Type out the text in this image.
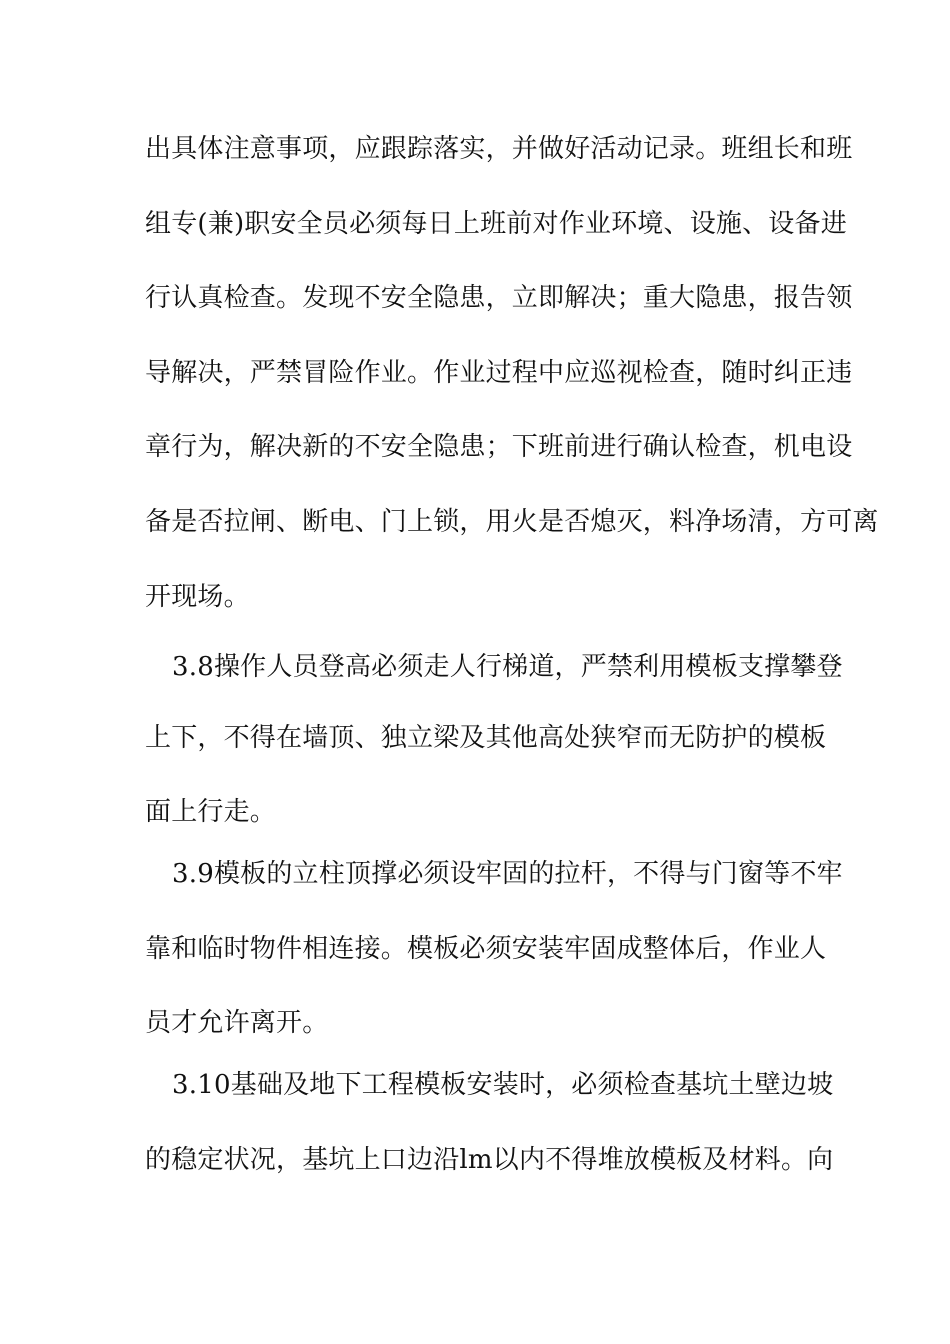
出具体注意事项，应跟踪落实，并做好活动记录。班组长和班
组专(兼)职安全员必须每日上班前对作业环境、设施、设备进
行认真检查。发现不安全隐患，立即解决；重大隐患，报告领
导解决，严禁冒险作业。作业过程中应巡视检查，随时纠正违
章行为，解决新的不安全隐患；下班前进行确认检查，机电设
备是否拉闸、断电、门上锁，用火是否熄灭，料净场清，方可离
开现场。
3.8操作人员登高必须走人行梯道，严禁利用模板支撑攀登
上下，不得在墙顶、独立梁及其他高处狭窄而无防护的模板
面上行走。
3.9模板的立柱顶撑必须设牢固的拉杆，不得与门窗等不牢
靠和临时物件相连接。模板必须安装牢固成整体后，作业人
员才允许离开。
3.10基础及地下工程模板安装时，必须检查基坑土壁边坡
的稳定状况，基坑上口边沿lm以内不得堆放模板及材料。向
